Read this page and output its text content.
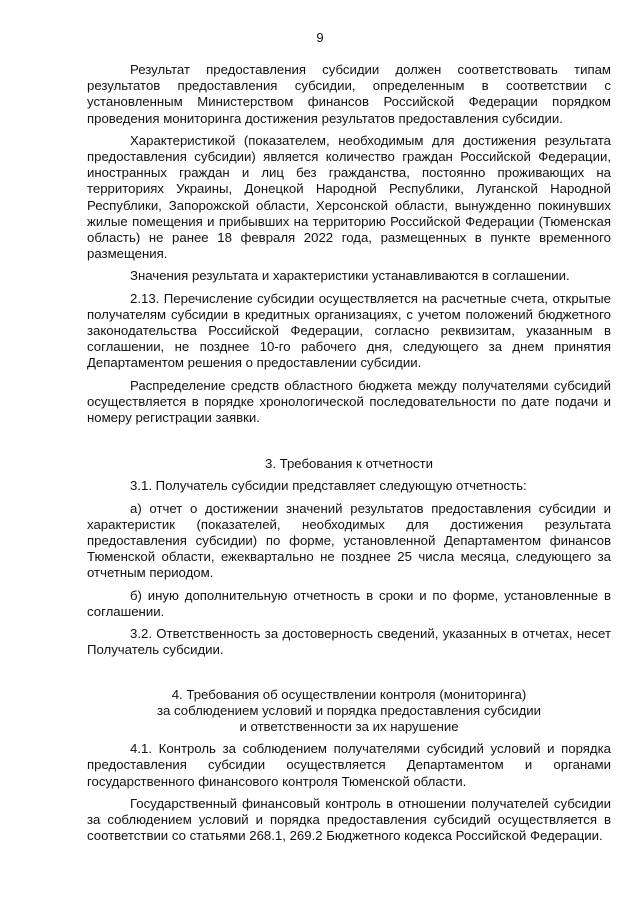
9

Результат предоставления субсидии должен соответствовать типам результатов предоставления субсидии, определенным в соответствии с установленным Министерством финансов Российской Федерации порядком проведения мониторинга достижения результатов предоставления субсидии.

Характеристикой (показателем, необходимым для достижения результата предоставления субсидии) является количество граждан Российской Федерации, иностранных граждан и лиц без гражданства, постоянно проживающих на территориях Украины, Донецкой Народной Республики, Луганской Народной Республики, Запорожской области, Херсонской области, вынужденно покинувших жилые помещения и прибывших на территорию Российской Федерации (Тюменская область) не ранее 18 февраля 2022 года, размещенных в пункте временного размещения.

Значения результата и характеристики устанавливаются в соглашении.

2.13. Перечисление субсидии осуществляется на расчетные счета, открытые получателям субсидии в кредитных организациях, с учетом положений бюджетного законодательства Российской Федерации, согласно реквизитам, указанным в соглашении, не позднее 10-го рабочего дня, следующего за днем принятия Департаментом решения о предоставлении субсидии.

Распределение средств областного бюджета между получателями субсидий осуществляется в порядке хронологической последовательности по дате подачи и номеру регистрации заявки.

3. Требования к отчетности

3.1. Получатель субсидии представляет следующую отчетность:

а) отчет о достижении значений результатов предоставления субсидии и характеристик (показателей, необходимых для достижения результата предоставления субсидии) по форме, установленной Департаментом финансов Тюменской области, ежеквартально не позднее 25 числа месяца, следующего за отчетным периодом.

б) иную дополнительную отчетность в сроки и по форме, установленные в соглашении.

3.2. Ответственность за достоверность сведений, указанных в отчетах, несет Получатель субсидии.

4. Требования об осуществлении контроля (мониторинга)

за соблюдением условий и порядка предоставления субсидии

и ответственности за их нарушение

4.1. Контроль за соблюдением получателями субсидий условий и порядка предоставления субсидии осуществляется Департаментом и органами государственного финансового контроля Тюменской области.

Государственный финансовый контроль в отношении получателей субсидии за соблюдением условий и порядка предоставления субсидий осуществляется в соответствии со статьями 268.1, 269.2 Бюджетного кодекса Российской Федерации.
